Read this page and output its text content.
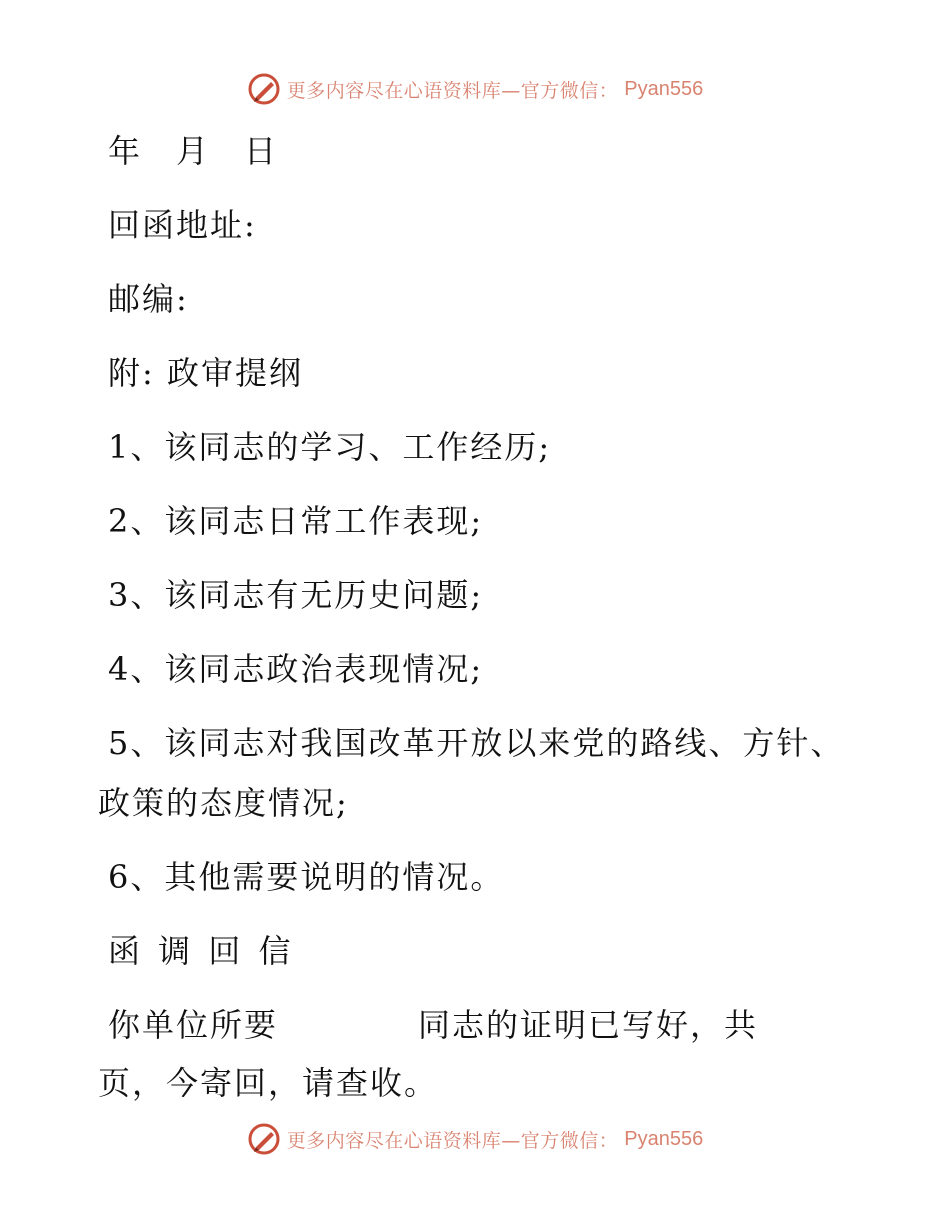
更多内容尽在心语资料库—官方微信： Pyan556
年 月 日
回函地址:
邮编:
附: 政审提纲
1、该同志的学习、工作经历;
2、该同志日常工作表现;
3、该同志有无历史问题;
4、该同志政治表现情况;
5、该同志对我国改革开放以来党的路线、方针、
政策的态度情况;
6、其他需要说明的情况。
函 调 回 信
你单位所要	同志的证明已写好，共
页，今寄回，请查收。
更多内容尽在心语资料库—官方微信： Pyan556
